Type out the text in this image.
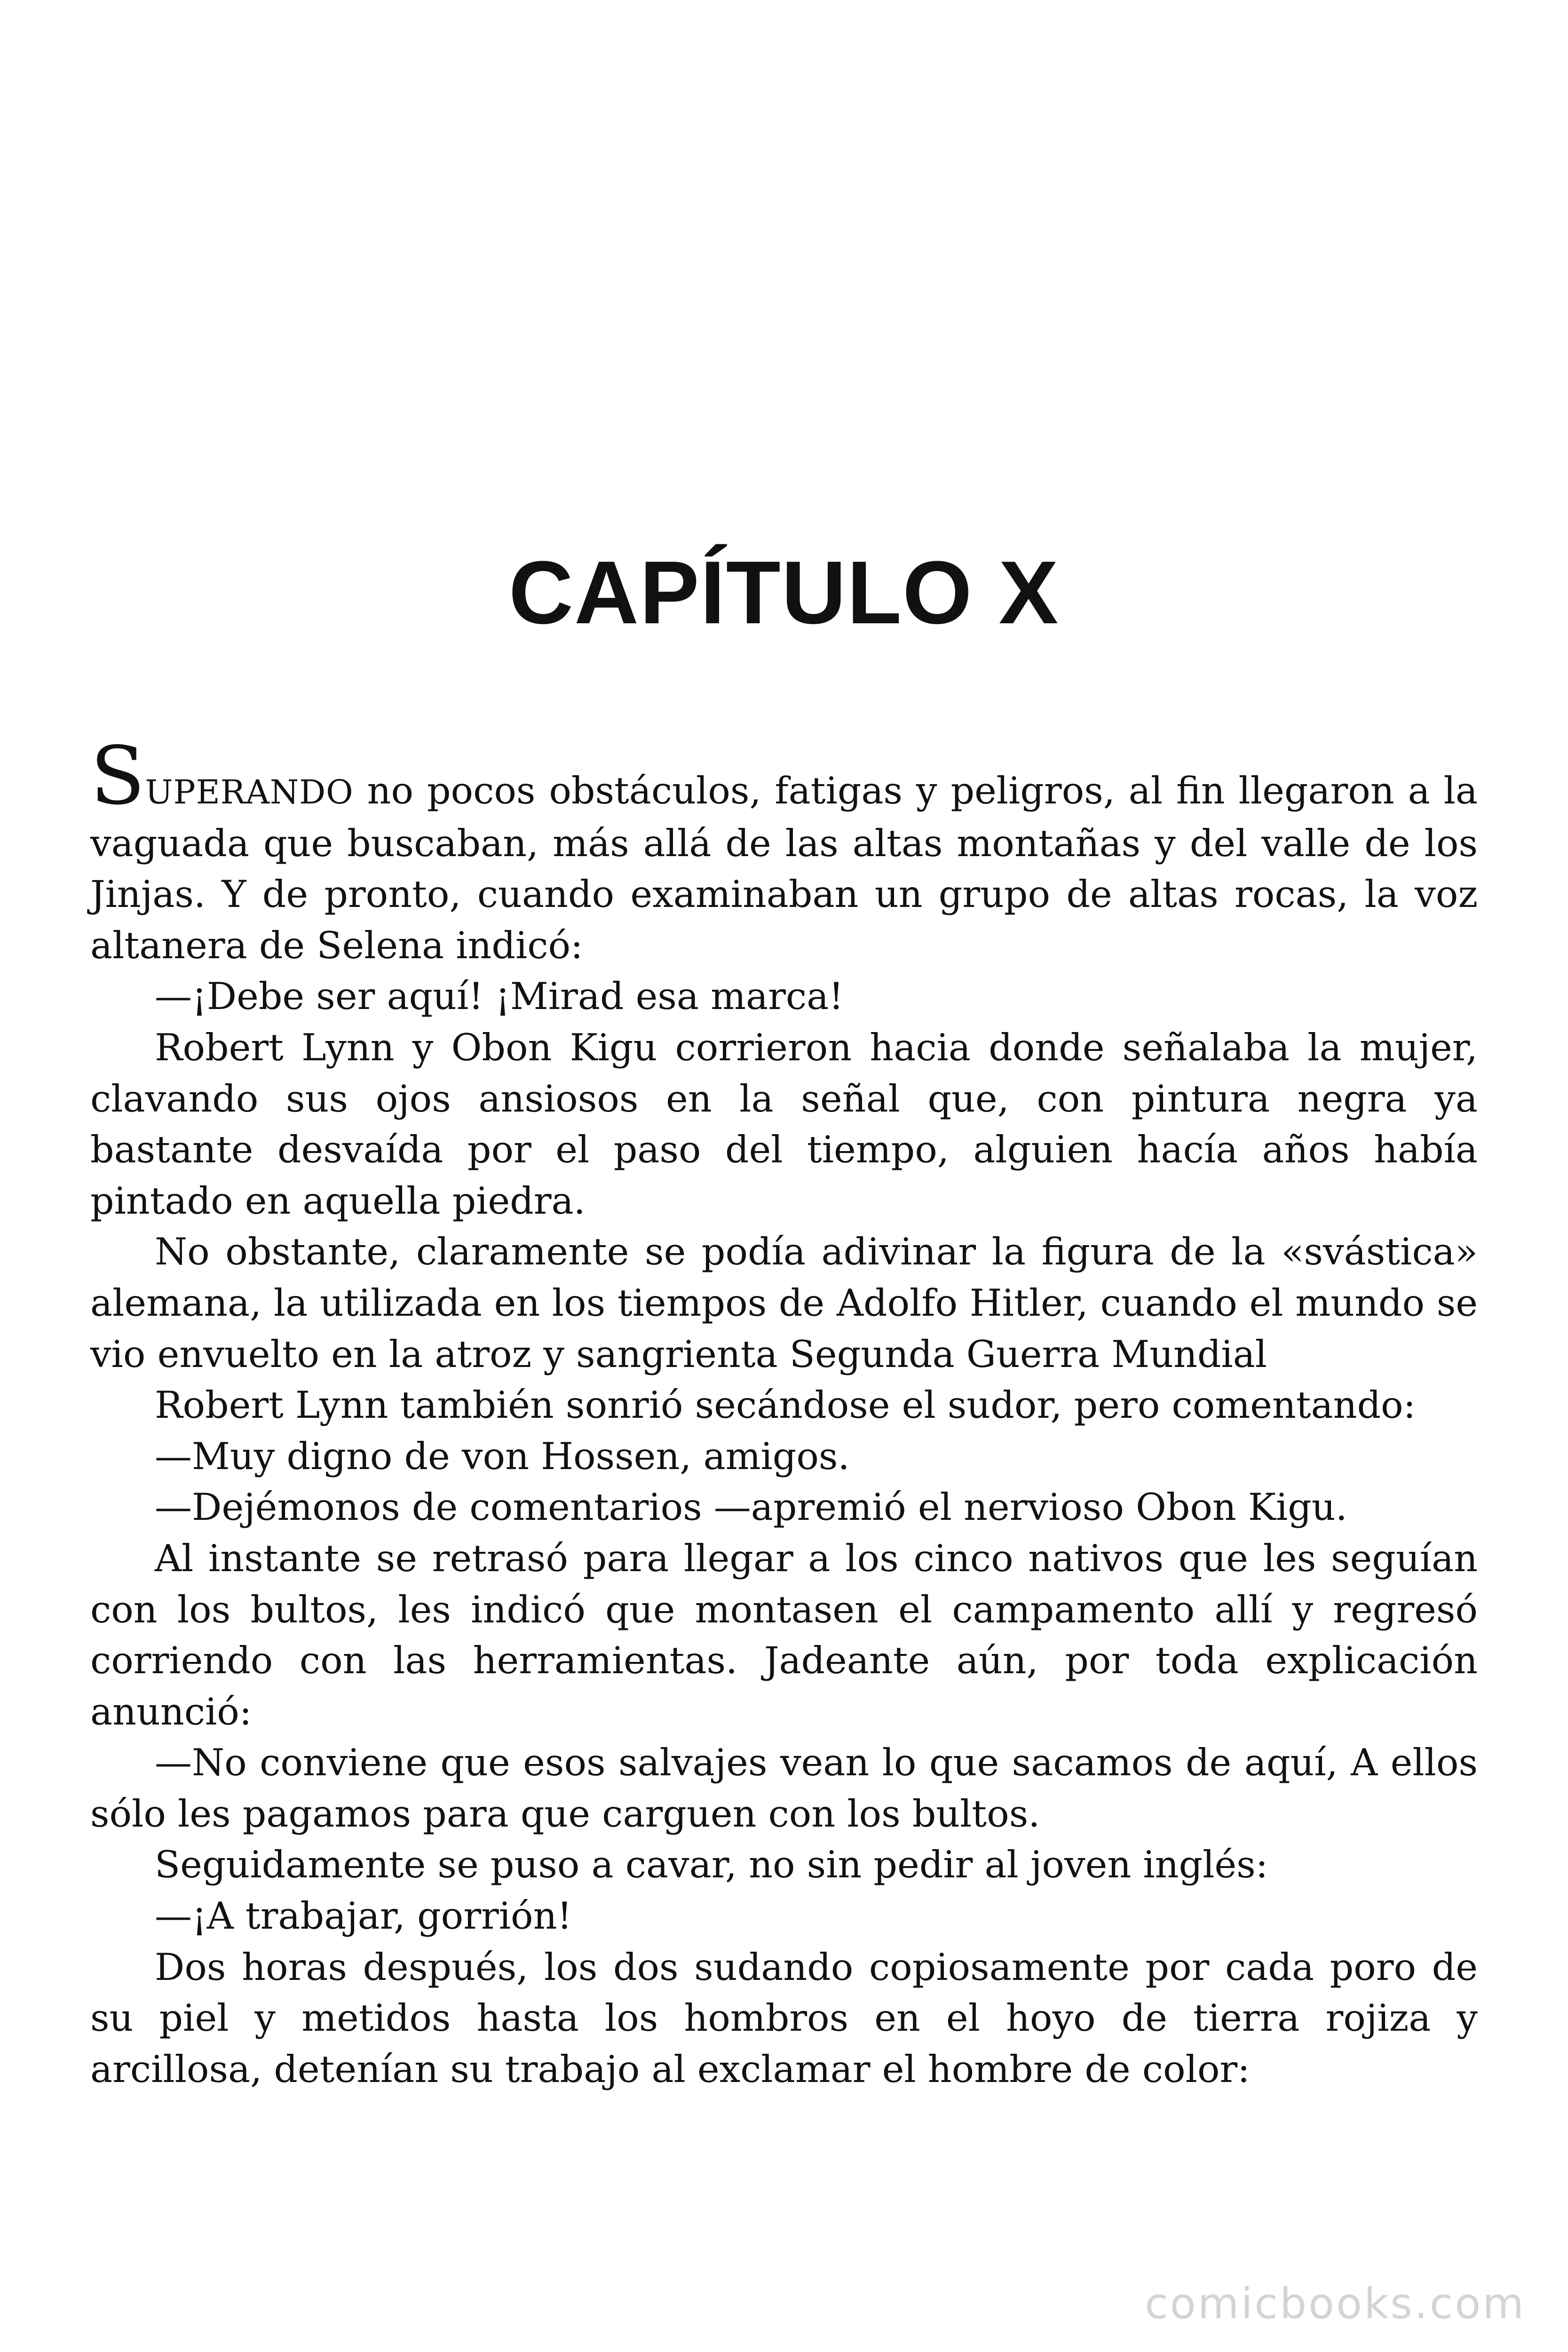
CAPÍTULO X

SUPERANDO no pocos obstáculos, fatigas y peligros, al fin llegaron a la vaguada que buscaban, más allá de las altas montañas y del valle de los Jinjas. Y de pronto, cuando examinaban un grupo de altas rocas, la voz altanera de Selena indicó:

—¡Debe ser aquí! ¡Mirad esa marca!

Robert Lynn y Obon Kigu corrieron hacia donde señalaba la mujer, clavando sus ojos ansiosos en la señal que, con pintura negra ya bastante desvaída por el paso del tiempo, alguien hacía años había pintado en aquella piedra.

No obstante, claramente se podía adivinar la figura de la «svástica» alemana, la utilizada en los tiempos de Adolfo Hitler, cuando el mundo se vio envuelto en la atroz y sangrienta Segunda Guerra Mundial

Robert Lynn también sonrió secándose el sudor, pero comentando:

—Muy digno de von Hossen, amigos.

—Dejémonos de comentarios —apremió el nervioso Obon Kigu.

Al instante se retrasó para llegar a los cinco nativos que les seguían con los bultos, les indicó que montasen el campamento allí y regresó corriendo con las herramientas. Jadeante aún, por toda explicación anunció:

—No conviene que esos salvajes vean lo que sacamos de aquí, A ellos sólo les pagamos para que carguen con los bultos.

Seguidamente se puso a cavar, no sin pedir al joven inglés:

—¡A trabajar, gorrión!

Dos horas después, los dos sudando copiosamente por cada poro de su piel y metidos hasta los hombros en el hoyo de tierra rojiza y arcillosa, detenían su trabajo al exclamar el hombre de color:

comicbooks.com
